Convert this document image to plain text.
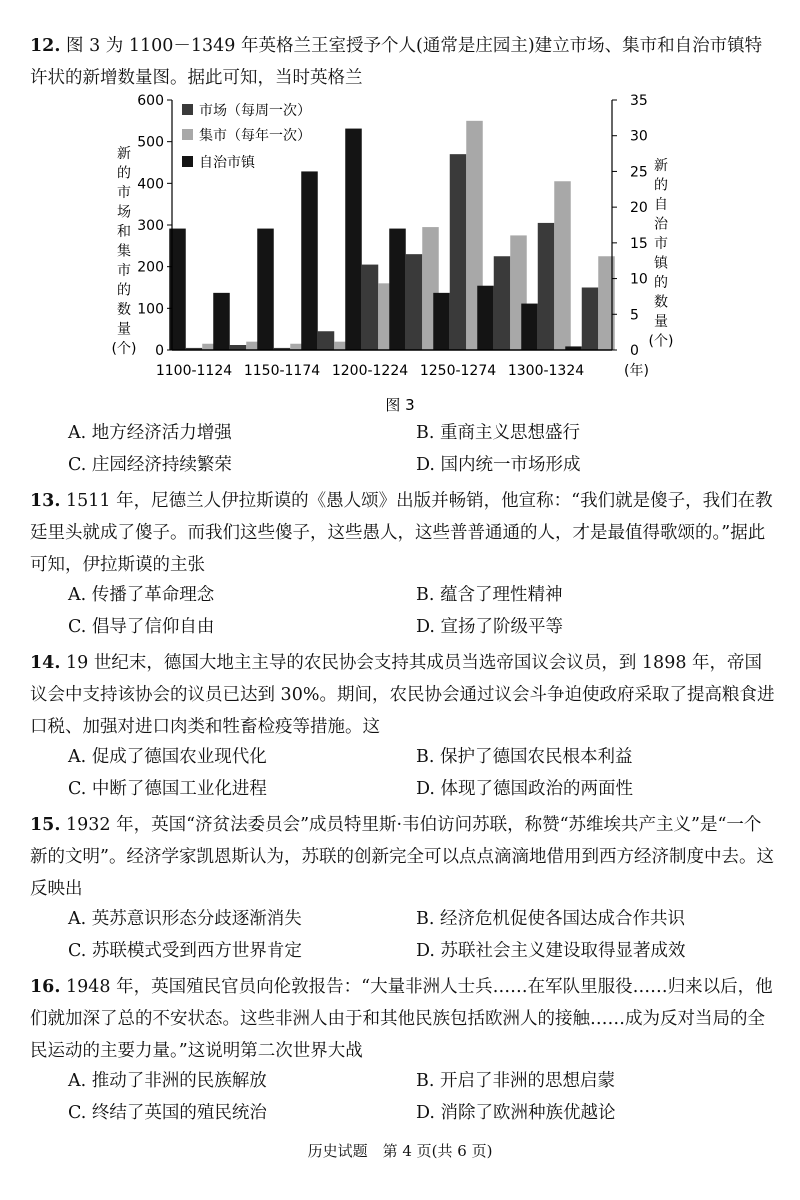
12. 图 3 为 1100－1349 年英格兰王室授予个人(通常是庄园主)建立市场、集市和自治市镇特许状的新增数量图。据此可知，当时英格兰
0
100
200
300
400
500
600
0
5
10
15
20
25
30
35
1100-1124 1150-1174 1200-1224 1250-1274 1300-1324	(年)
新的市场和集市的数量(个)
新的自治市镇的数量(个)
市场（每周一次）
集市（每年一次）
自治市镇
图 3
A. 地方经济活力增强	B. 重商主义思想盛行
C. 庄园经济持续繁荣	D. 国内统一市场形成
13. 1511 年，尼德兰人伊拉斯谟的《愚人颂》出版并畅销，他宣称：“我们就是傻子，我们在教廷里头就成了傻子。而我们这些傻子，这些愚人，这些普普通通的人，才是最值得歌颂的。”据此可知，伊拉斯谟的主张
A. 传播了革命理念	B. 蕴含了理性精神
C. 倡导了信仰自由	D. 宣扬了阶级平等
14. 19 世纪末，德国大地主主导的农民协会支持其成员当选帝国议会议员，到 1898 年，帝国议会中支持该协会的议员已达到 30%。期间，农民协会通过议会斗争迫使政府采取了提高粮食进口税、加强对进口肉类和牲畜检疫等措施。这
A. 促成了德国农业现代化	B. 保护了德国农民根本利益
C. 中断了德国工业化进程	D. 体现了德国政治的两面性
15. 1932 年，英国“济贫法委员会”成员特里斯·韦伯访问苏联，称赞“苏维埃共产主义”是“一个新的文明”。经济学家凯恩斯认为，苏联的创新完全可以点点滴滴地借用到西方经济制度中去。这反映出
A. 英苏意识形态分歧逐渐消失	B. 经济危机促使各国达成合作共识
C. 苏联模式受到西方世界肯定	D. 苏联社会主义建设取得显著成效
16. 1948 年，英国殖民官员向伦敦报告：“大量非洲人士兵……在军队里服役……归来以后，他们就加深了总的不安状态。这些非洲人由于和其他民族包括欧洲人的接触……成为反对当局的全民运动的主要力量。”这说明第二次世界大战
A. 推动了非洲的民族解放	B. 开启了非洲的思想启蒙
C. 终结了英国的殖民统治	D. 消除了欧洲种族优越论
历史试题　第 4 页(共 6 页)
